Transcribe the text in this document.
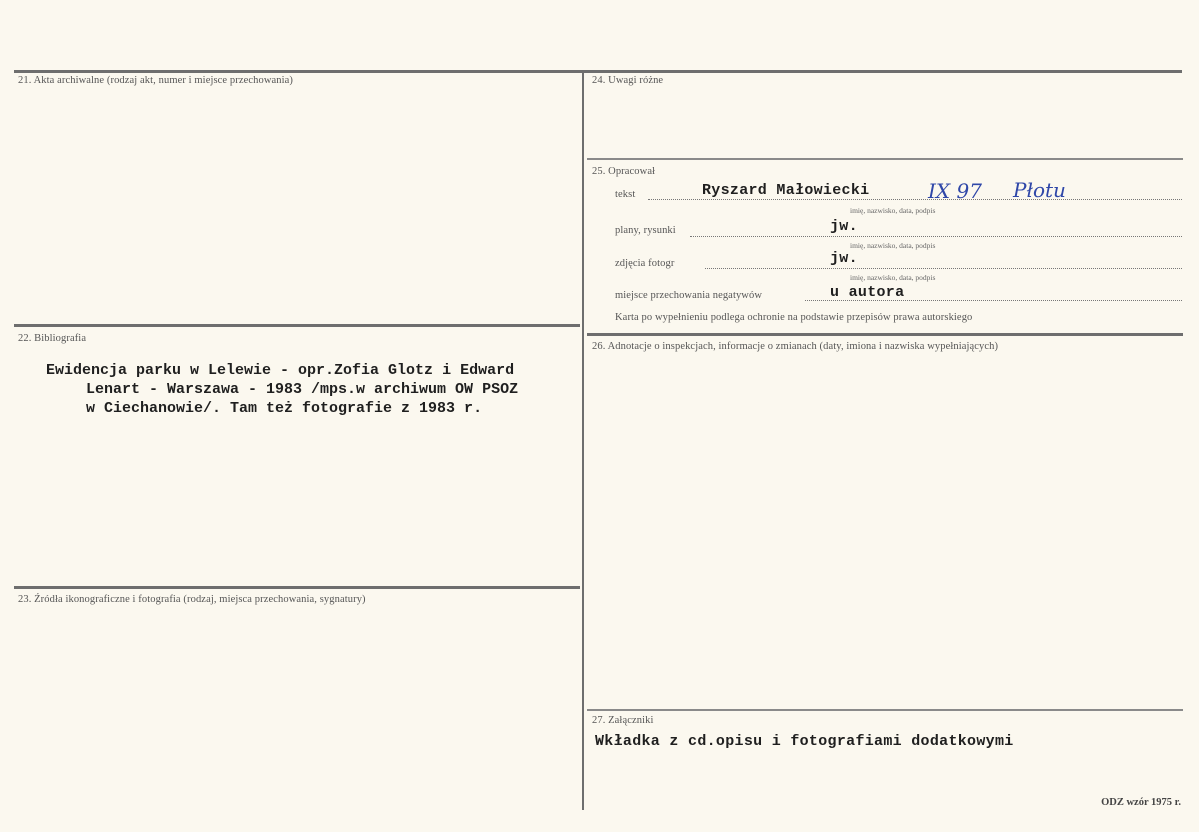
21. Akta archiwalne (rodzaj akt, numer i miejsce przechowania)
22. Bibliografia
Ewidencja parku w Lelewie - opr.Zofia Glotz i Edward
Lenart - Warszawa - 1983 /mps.w archiwum OW PSOZ
w Ciechanowie/. Tam też fotografie z 1983 r.
23. Źródła ikonograficzne i fotografia (rodzaj, miejsca przechowania, sygnatury)
24. Uwagi różne
25. Opracował
tekst	Ryszard Małowiecki	IX 97 Płotu
imię, nazwisko, data, podpis
plany, rysunki	jw.
imię, nazwisko, data, podpis
zdjęcia fotogr	jw.
imię, nazwisko, data, podpis
miejsce przechowania negatywów	u autora
Karta po wypełnieniu podlega ochronie na podstawie przepisów prawa autorskiego
26. Adnotacje o inspekcjach, informacje o zmianach (daty, imiona i nazwiska wypełniających)
27. Załączniki
Wkładka z cd.opisu i fotografiami dodatkowymi
ODZ wzór 1975 r.
